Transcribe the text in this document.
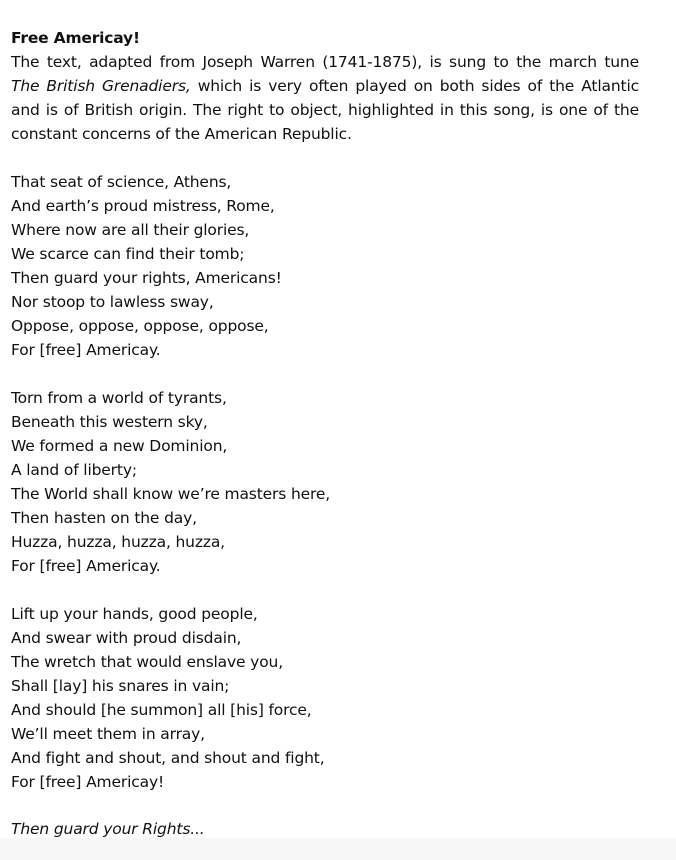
Free Americay!
The text, adapted from Joseph Warren (1741-1875), is sung to the march tune The British Grenadiers, which is very often played on both sides of the Atlantic and is of British origin. The right to object, highlighted in this song, is one of the constant concerns of the American Republic.
That seat of science, Athens,
And earth’s proud mistress, Rome,
Where now are all their glories,
We scarce can find their tomb;
Then guard your rights, Americans!
Nor stoop to lawless sway,
Oppose, oppose, oppose, oppose,
For [free] Americay.
Torn from a world of tyrants,
Beneath this western sky,
We formed a new Dominion,
A land of liberty;
The World shall know we’re masters here,
Then hasten on the day,
Huzza, huzza, huzza, huzza,
For [free] Americay.
Lift up your hands, good people,
And swear with proud disdain,
The wretch that would enslave you,
Shall [lay] his snares in vain;
And should [he summon] all [his] force,
We’ll meet them in array,
And fight and shout, and shout and fight,
For [free] Americay!
Then guard your Rights...
